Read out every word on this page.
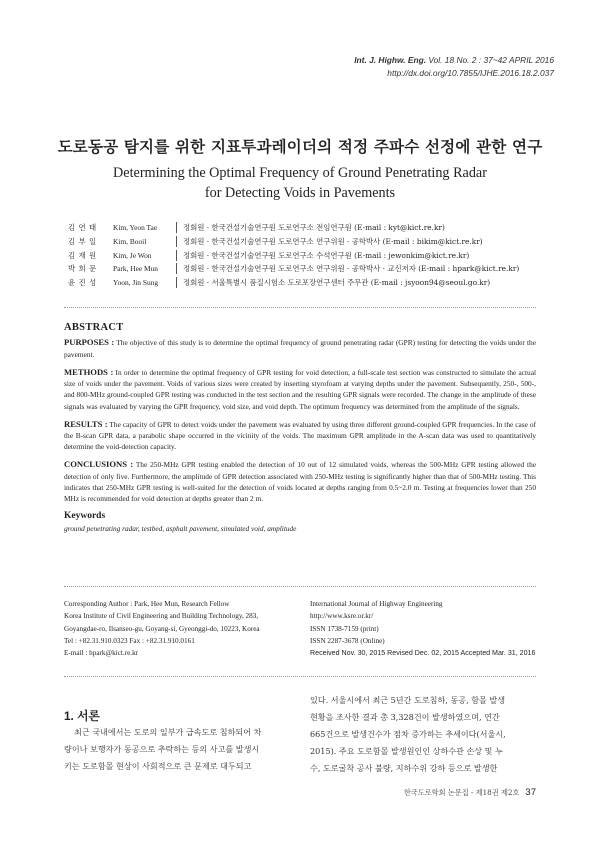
Int. J. Highw. Eng. Vol. 18 No. 2 : 37~42 APRIL 2016
http://dx.doi.org/10.7855/IJHE.2016.18.2.037
도로동공 탐지를 위한 지표투과레이더의 적정 주파수 선정에 관한 연구
Determining the Optimal Frequency of Ground Penetrating Radar
for Detecting Voids in Pavements
김 연 태	Kim, Yeon Tae	정회원 · 한국건설기술연구원 도로연구소 전임연구원 (E-mail : kyt@kict.re.kr)
김 부 일	Kim, Booil	정회원 · 한국건설기술연구원 도로연구소 연구위원 · 공학박사 (E-mail : bikim@kict.re.kr)
김 재 원	Kim, Je Won	정회원 · 한국건설기술연구원 도로연구소 수석연구원 (E-mail : jewonkim@kict.re.kr)
박 희 문	Park, Hee Mun	정회원 · 한국건설기술연구원 도로연구소 연구위원 · 공학박사 · 교신저자 (E-mail : hpark@kict.re.kr)
윤 진 성	Yoon, Jin Sung	정회원 · 서울특별시 품질시험소 도로포장연구센터 주무관 (E-mail : jsyoon94@seoul.go.kr)
ABSTRACT

PURPOSES : The objective of this study is to determine the optimal frequency of ground penetrating radar (GPR) testing for detecting the voids under the pavement.

METHODS : In order to determine the optimal frequency of GPR testing for void detection, a full-scale test section was constructed to simulate the actual size of voids under the pavement. Voids of various sizes were created by inserting styrofoam at varying depths under the pavement. Subsequently, 250-, 500-, and 800-MHz ground-coupled GPR testing was conducted in the test section and the resulting GPR signals were recorded. The change in the amplitude of these signals was evaluated by varying the GPR frequency, void size, and void depth. The optimum frequency was determined from the amplitude of the signals.

RESULTS : The capacity of GPR to detect voids under the pavement was evaluated by using three different ground-coupled GPR frequencies. In the case of the B-scan GPR data, a parabolic shape occurred in the vicinity of the voids. The maximum GPR amplitude in the A-scan data was used to quantitatively determine the void-detection capacity.

CONCLUSIONS : The 250-MHz GPR testing enabled the detection of 10 out of 12 simulated voids, whereas the 500-MHz GPR testing allowed the detection of only five. Furthermore, the amplitude of GPR detection associated with 250-MHz testing is significantly higher than that of 500-MHz testing. This indicates that 250-MHz GPR testing is well-suited for the detection of voids located at depths ranging from 0.5~2.0 m. Testing at frequencies lower than 250 MHz is recommended for void detection at depths greater than 2 m.

Keywords

ground penetrating radar, testbed, asphalt pavement, simulated void, amplitude

Corresponding Author : Park, Hee Mun, Research Fellow
Korea Institute of Civil Engineering and Building Technology, 283,
Goyangdae-ro, Ilsanseo-gu, Goyang-si, Gyeonggi-do, 10223, Korea
Tel : +82.31.910.0323 Fax : +82.31.910.0161
E-mail : hpark@kict.re.kr
International Journal of Highway Engineering
http://www.ksre.or.kr/
ISSN 1738-7159 (print)
ISSN 2287-3678 (Online)
Received Nov. 30, 2015 Revised Dec. 02, 2015 Accepted Mar. 31, 2016
1. 서론
최근 국내에서는 도로의 일부가 급속도로 침하되어 차
량이나 보행자가 동공으로 추락하는 등의 사고를 발생시
키는 도로함몰 현상이 사회적으로 큰 문제로 대두되고
있다. 서울시에서 최근 5년간 도로침하, 동공, 함몰 발생
현황을 조사한 결과 총 3,328건이 발생하였으며, 연간
665건으로 발생건수가 점차 증가하는 추세이다(서울시,
2015). 주요 도로함몰 발생원인인 상하수관 손상 및 누
수, 도로굴착 공사 불량, 지하수위 강하 등으로 발생한
한국도로학회 논문집 - 제18권 제2호 37
